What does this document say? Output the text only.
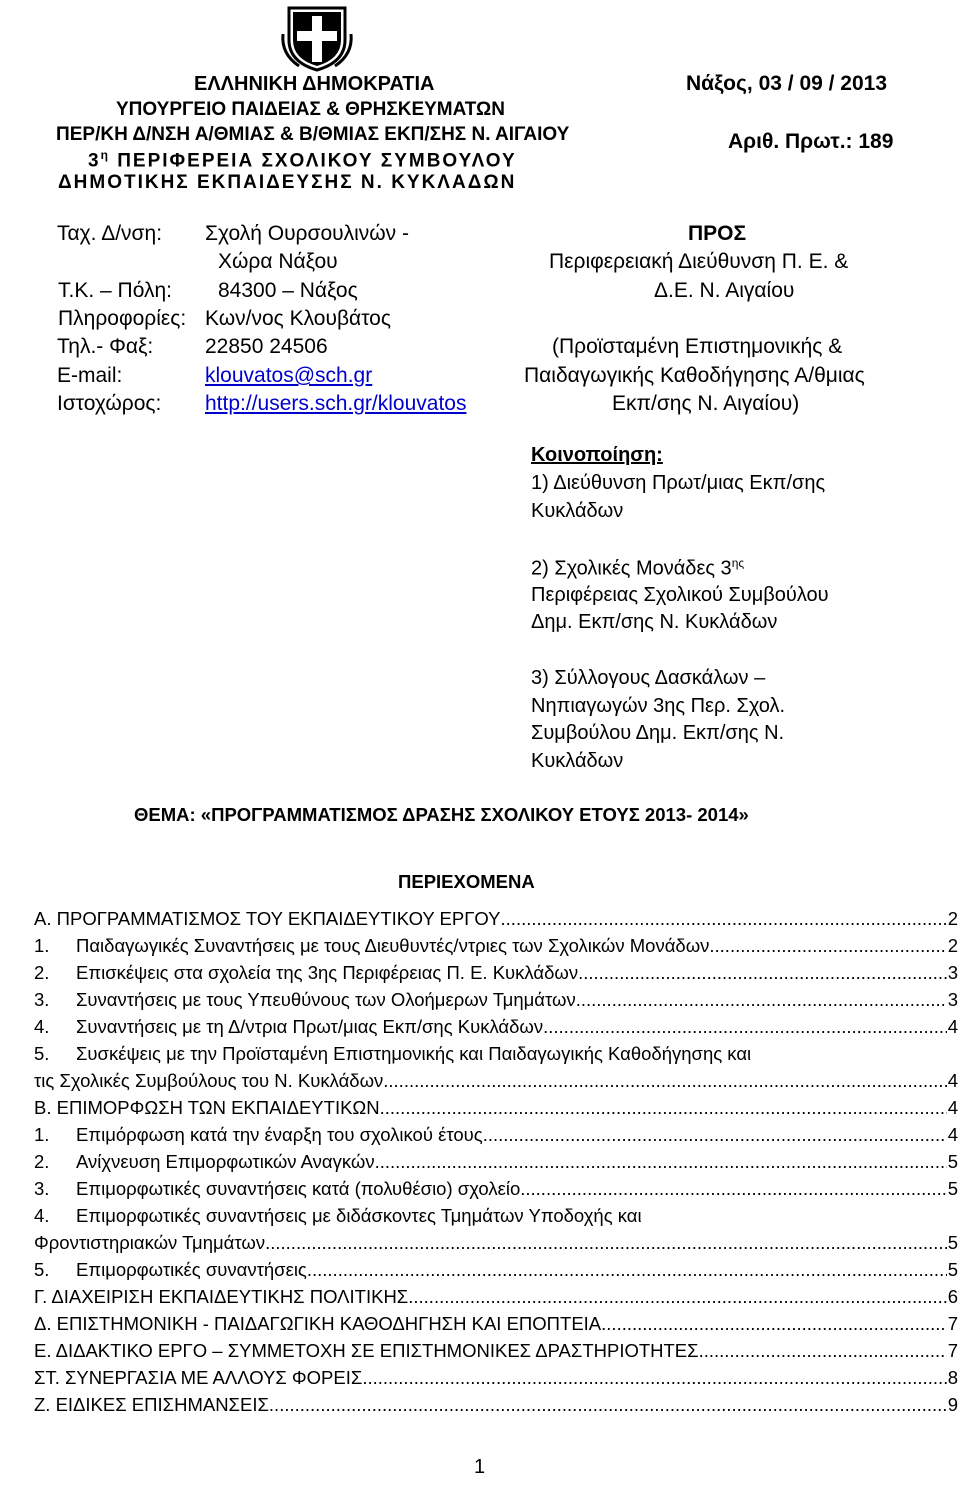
ΕΛΛΗΝΙΚΗ ΔΗΜΟΚΡΑΤΙΑ
ΥΠΟΥΡΓΕΙΟ ΠΑΙΔΕΙΑΣ & ΘΡΗΣΚΕΥΜΑΤΩΝ
ΠΕΡ/ΚΗ Δ/ΝΣΗ Α/ΘΜΙΑΣ & Β/ΘΜΙΑΣ ΕΚΠ/ΣΗΣ Ν. ΑΙΓΑΙΟΥ
$3^\eta$ ΠΕΡΙΦΕΡΕΙΑ ΣΧΟΛΙΚΟΥ ΣΥΜΒΟΥΛΟΥ
ΔΗΜΟΤΙΚΗΣ ΕΚΠΑΙΔΕΥΣΗΣ Ν. ΚΥΚΛΑΔΩΝ
Νάξος, 03 / 09 / 2013
Αριθ. Πρωτ.: 189
Ταχ. Δ/νση: Σχολή Ουρσουλινών -
Χώρα Νάξου
Τ.Κ. – Πόλη: 84300 – Νάξος
Πληροφορίες: Κων/νος Κλουβάτος
Τηλ.- Φαξ: 22850 24506
E-mail:	klouvatos@sch.gr
Ιστοχώρος: http://users.sch.gr/klouvatos
ΠΡΟΣ
Περιφερειακή Διεύθυνση Π. Ε. &
Δ.Ε. Ν. Αιγαίου
(Προϊσταμένη Επιστημονικής &
Παιδαγωγικής Καθοδήγησης Α/θμιας
Εκπ/σης Ν. Αιγαίου)
Κοινοποίηση:
1) Διεύθυνση Πρωτ/μιας Εκπ/σης
Κυκλάδων
2) Σχολικές Μονάδες $3^{\eta\varsigma}$
Περιφέρειας Σχολικού Συμβούλου
Δημ. Εκπ/σης Ν. Κυκλάδων
3) Σύλλογους Δασκάλων –
Νηπιαγωγών 3ης Περ. Σχολ.
Συμβούλου Δημ. Εκπ/σης Ν.
Κυκλάδων
ΘΕΜΑ: «ΠΡΟΓΡΑΜΜΑΤΙΣΜΟΣ ΔΡΑΣΗΣ ΣΧΟΛΙΚΟΥ ΕΤΟΥΣ 2013- 2014»
ΠΕΡΙΕΧΟΜΕΝΑ
Α. ΠΡΟΓΡΑΜΜΑΤΙΣΜΟΣ ΤΟΥ ΕΚΠΑΙΔΕΥΤΙΚΟΥ ΕΡΓΟΥ .....	2
1. Παιδαγωγικές Συναντήσεις με τους Διευθυντές/ντριες των Σχολικών Μονάδων. .....	2
2. Επισκέψεις στα σχολεία της 3ης Περιφέρειας Π. Ε. Κυκλάδων. .....	3
3. Συναντήσεις με τους Υπευθύνους των Ολοήμερων Τμημάτων .....	3
4. Συναντήσεις με τη Δ/ντρια Πρωτ/μιας Εκπ/σης Κυκλάδων .....	4
5. Συσκέψεις με την Προϊσταμένη Επιστημονικής και Παιδαγωγικής Καθοδήγησης και
τις Σχολικές Συμβούλους του Ν. Κυκλάδων .....	4
Β. ΕΠΙΜΟΡΦΩΣΗ ΤΩΝ ΕΚΠΑΙΔΕΥΤΙΚΩΝ .....	4
1. Επιμόρφωση κατά την έναρξη του σχολικού έτους. .....	4
2. Ανίχνευση Επιμορφωτικών Αναγκών .....	5
3. Επιμορφωτικές συναντήσεις κατά (πολυθέσιο) σχολείο .....	5
4. Επιμορφωτικές συναντήσεις με διδάσκοντες Τμημάτων Υποδοχής και
Φροντιστηριακών Τμημάτων .....	5
5. Επιμορφωτικές συναντήσεις .....	5
Γ. ΔΙΑΧΕΙΡΙΣΗ ΕΚΠΑΙΔΕΥΤΙΚΗΣ ΠΟΛΙΤΙΚΗΣ .....	6
Δ. ΕΠΙΣΤΗΜΟΝΙΚΗ - ΠΑΙΔΑΓΩΓΙΚΗ ΚΑΘΟΔΗΓΗΣΗ ΚΑΙ ΕΠΟΠΤΕΙΑ .....	7
Ε. ΔΙΔΑΚΤΙΚΟ ΕΡΓΟ – ΣΥΜΜΕΤΟΧΗ ΣΕ ΕΠΙΣΤΗΜΟΝΙΚΕΣ ΔΡΑΣΤΗΡΙΟΤΗΤΕΣ .....	7
ΣΤ. ΣΥΝΕΡΓΑΣΙΑ ΜΕ ΑΛΛΟΥΣ ΦΟΡΕΙΣ .....	8
Ζ. ΕΙΔΙΚΕΣ ΕΠΙΣΗΜΑΝΣΕΙΣ .....	9
1
